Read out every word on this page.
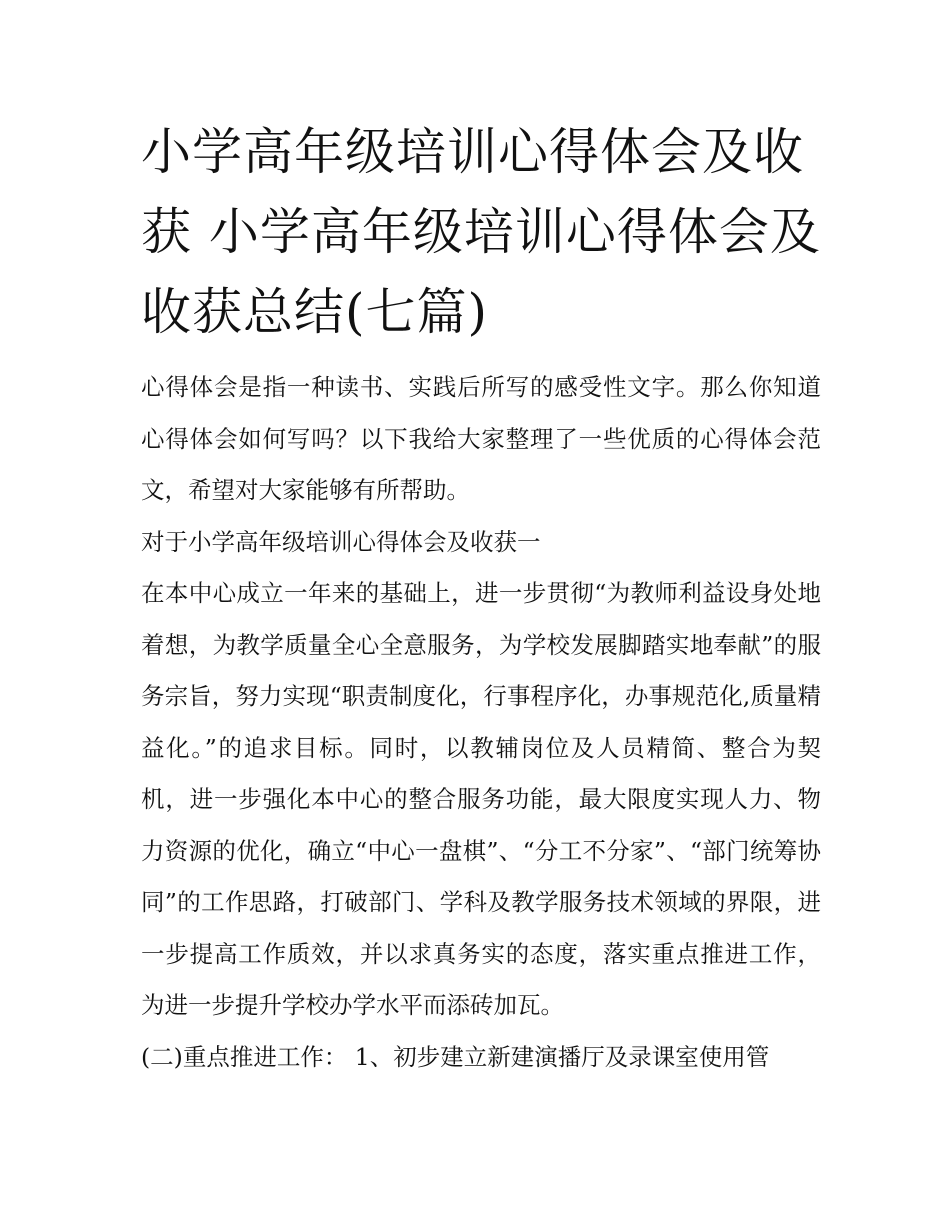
小学高年级培训心得体会及收获 小学高年级培训心得体会及收获总结(七篇)

心得体会是指一种读书、实践后所写的感受性文字。那么你知道心得体会如何写吗？以下我给大家整理了一些优质的心得体会范文，希望对大家能够有所帮助。

对于小学高年级培训心得体会及收获一

在本中心成立一年来的基础上，进一步贯彻“为教师利益设身处地着想，为教学质量全心全意服务，为学校发展脚踏实地奉献”的服务宗旨，努力实现“职责制度化，行事程序化，办事规范化,质量精益化。”的追求目标。同时，以教辅岗位及人员精简、整合为契机，进一步强化本中心的整合服务功能，最大限度实现人力、物力资源的优化，确立“中心一盘棋”、“分工不分家”、“部门统筹协同”的工作思路，打破部门、学科及教学服务技术领域的界限，进一步提高工作质效，并以求真务实的态度，落实重点推进工作，为进一步提升学校办学水平而添砖加瓦。

(二)重点推进工作： 1、初步建立新建演播厅及录课室使用管
